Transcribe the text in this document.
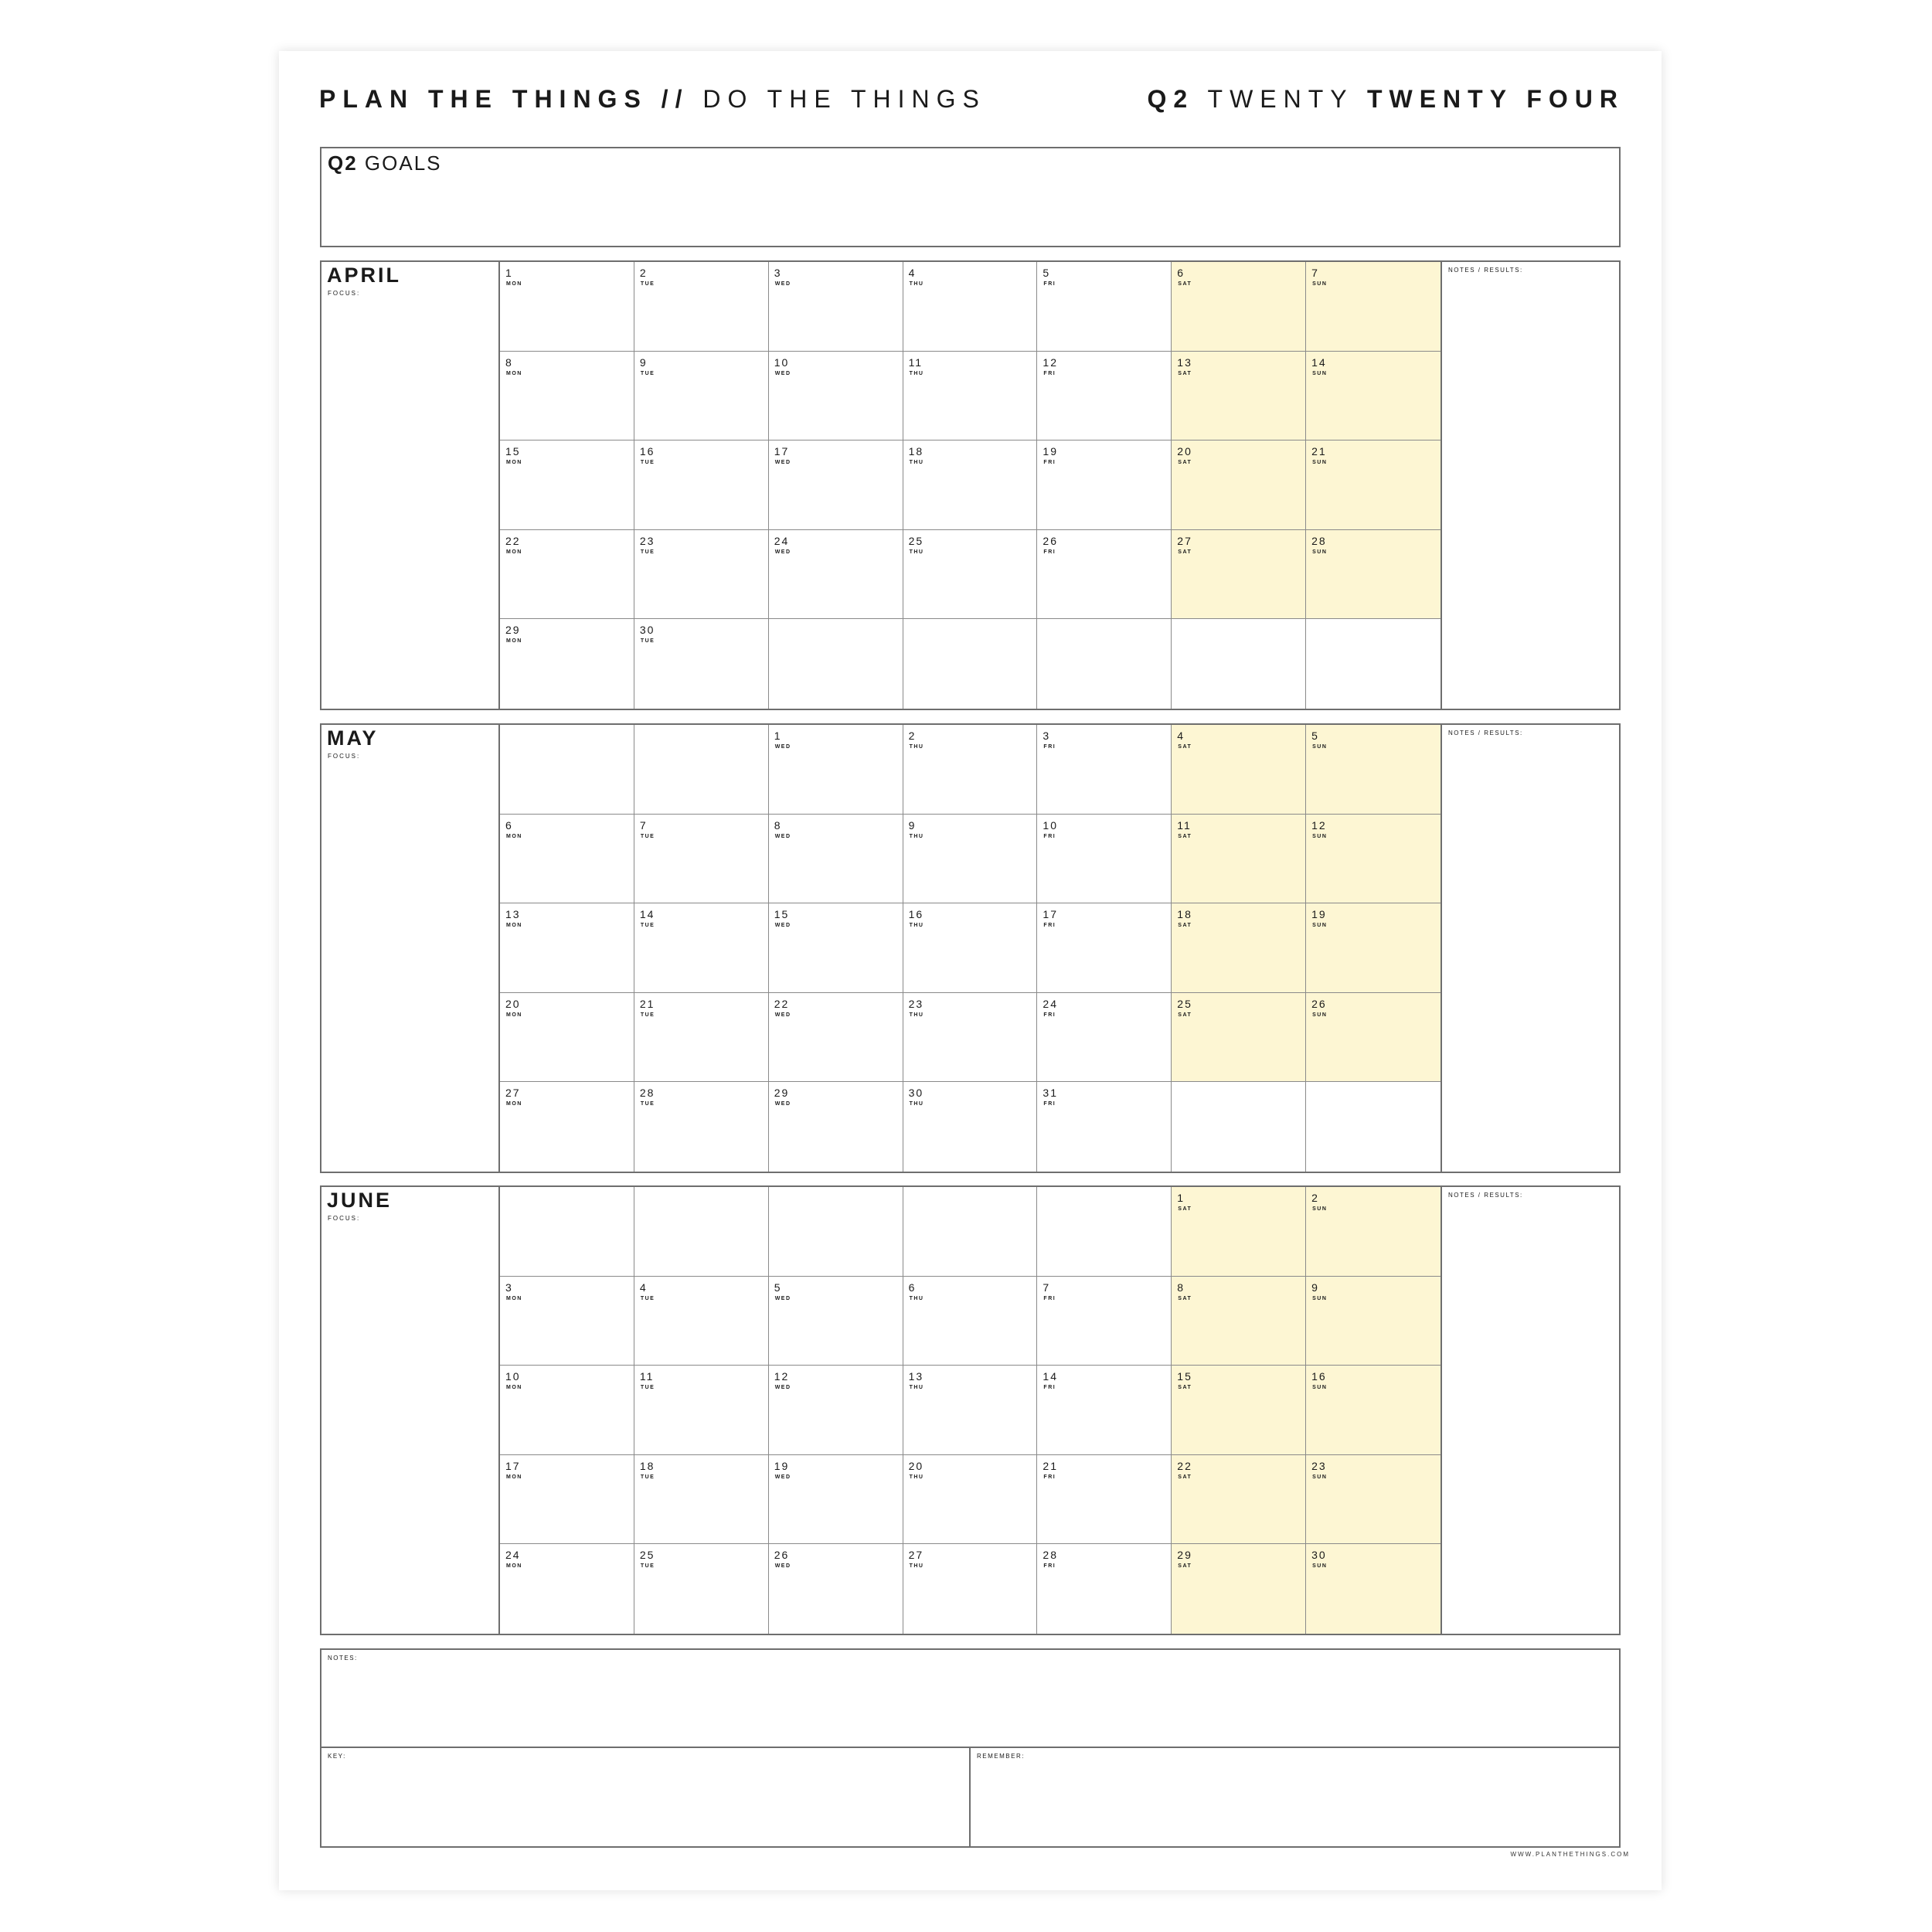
PLAN THE THINGS // DO THE THINGS	Q2 TWENTY TWENTY FOUR
Q2 GOALS
APRIL
FOCUS:
1
MON
2
TUE
3
WED
4
THU
5
FRI
6
SAT
7
SUN
8
MON
9
TUE
10
WED
11
THU
12
FRI
13
SAT
14
SUN
15
MON
16
TUE
17
WED
18
THU
19
FRI
20
SAT
21
SUN
22
MON
23
TUE
24
WED
25
THU
26
FRI
27
SAT
28
SUN
29
MON
30
TUE
NOTES / RESULTS:
MAY
FOCUS:
1
WED
2
THU
3
FRI
4
SAT
5
SUN
6
MON
7
TUE
8
WED
9
THU
10
FRI
11
SAT
12
SUN
13
MON
14
TUE
15
WED
16
THU
17
FRI
18
SAT
19
SUN
20
MON
21
TUE
22
WED
23
THU
24
FRI
25
SAT
26
SUN
27
MON
28
TUE
29
WED
30
THU
31
FRI
NOTES / RESULTS:
JUNE
FOCUS:
1
SAT
2
SUN
3
MON
4
TUE
5
WED
6
THU
7
FRI
8
SAT
9
SUN
10
MON
11
TUE
12
WED
13
THU
14
FRI
15
SAT
16
SUN
17
MON
18
TUE
19
WED
20
THU
21
FRI
22
SAT
23
SUN
24
MON
25
TUE
26
WED
27
THU
28
FRI
29
SAT
30
SUN
NOTES / RESULTS:
NOTES:
KEY:	REMEMBER:
WWW.PLANTHETHINGS.COM
